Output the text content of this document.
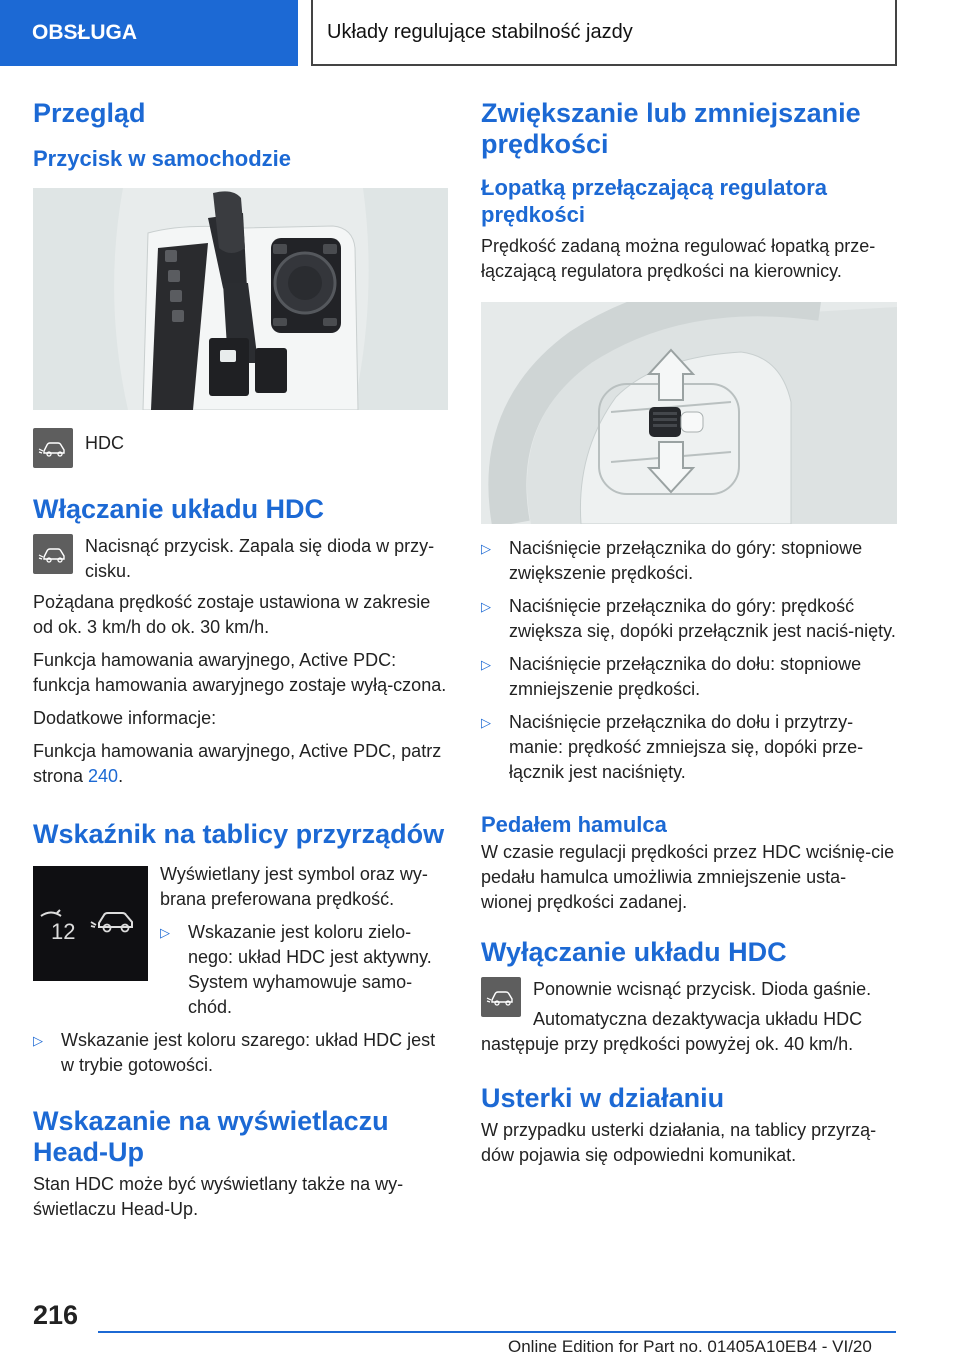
OBSŁUGA	Układy regulujące stabilność jazdy
Przegląd
Przycisk w samochodzie

HDC

Włączanie układu HDC

Nacisnąć przycisk. Zapala się dioda w przy-cisku.

Pożądana prędkość zostaje ustawiona w zakresie od ok. 3 km/h do ok. 30 km/h.

Funkcja hamowania awaryjnego, Active PDC: funkcja hamowania awaryjnego zostaje wyłą-czona.

Dodatkowe informacje:

Funkcja hamowania awaryjnego, Active PDC, patrz strona 240.

Wskaźnik na tablicy przyrządów
12

Wyświetlany jest symbol oraz wy-brana preferowana prędkość.

▷ Wskazanie jest koloru zielo-nego: układ HDC jest aktywny. System wyhamowuje samo-chód.

▷ Wskazanie jest koloru szarego: układ HDC jest w trybie gotowości.

Wskazanie na wyświetlaczu Head-Up

Stan HDC może być wyświetlany także na wy-świetlaczu Head-Up.

Zwiększanie lub zmniejszanie prędkości
Łopatką przełączającą regulatora prędkości

Prędkość zadaną można regulować łopatką prze-łączającą regulatora prędkości na kierownicy.

▷ Naciśnięcie przełącznika do góry: stopniowe zwiększenie prędkości.

▷ Naciśnięcie przełącznika do góry: prędkość zwiększa się, dopóki przełącznik jest naciś-nięty.

▷ Naciśnięcie przełącznika do dołu: stopniowe zmniejszenie prędkości.

▷ Naciśnięcie przełącznika do dołu i przytrzy-manie: prędkość zmniejsza się, dopóki prze-łącznik jest naciśnięty.

Pedałem hamulca

W czasie regulacji prędkości przez HDC wciśnię-cie pedału hamulca umożliwia zmniejszenie usta-wionej prędkości zadanej.

Wyłączanie układu HDC

Ponownie wcisnąć przycisk. Dioda gaśnie.

Automatyczna dezaktywacja układu HDC następuje przy prędkości powyżej ok. 40 km/h.

Usterki w działaniu

W przypadku usterki działania, na tablicy przyrzą-dów pojawia się odpowiedni komunikat.

216
Online Edition for Part no. 01405A10EB4 - VI/20
